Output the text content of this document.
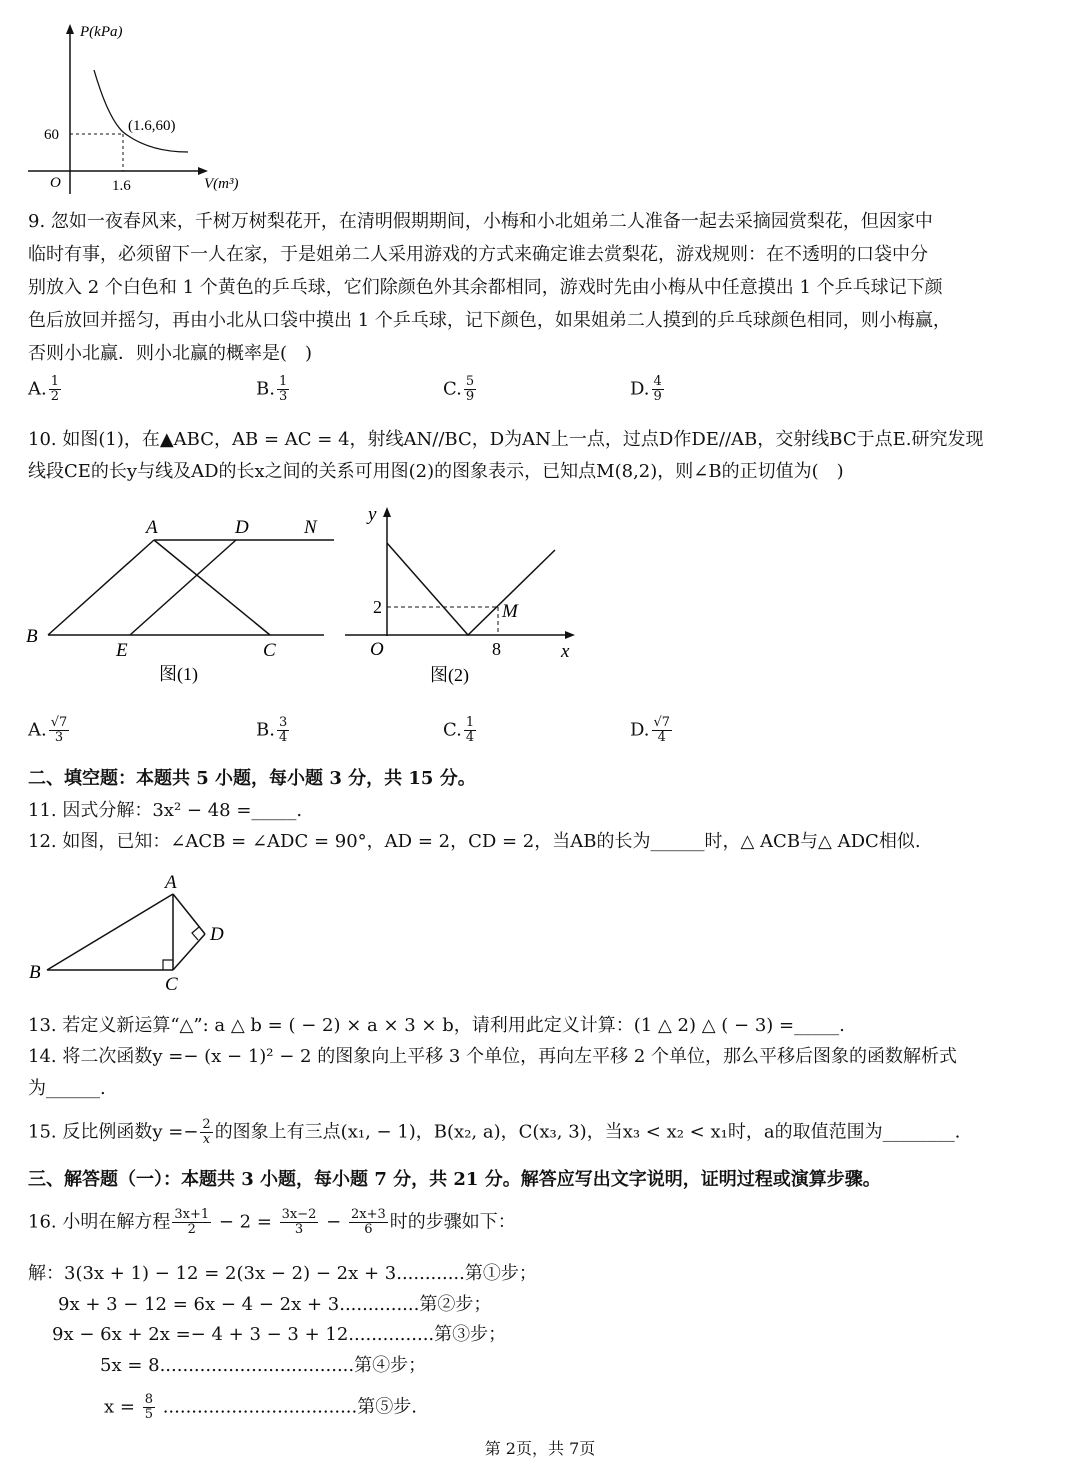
P(kPa)
60
(1.6,60)
O	1.6	V(m³)
9. 忽如一夜春风来，千树万树梨花开，在清明假期期间，小梅和小北姐弟二人准备一起去采摘园赏梨花，但因家中
临时有事，必须留下一人在家，于是姐弟二人采用游戏的方式来确定谁去赏梨花，游戏规则：在不透明的口袋中分
别放入 2 个白色和 1 个黄色的乒乓球，它们除颜色外其余都相同，游戏时先由小梅从中任意摸出 1 个乒乓球记下颜
色后放回并摇匀，再由小北从口袋中摸出 1 个乒乓球，记下颜色，如果姐弟二人摸到的乒乓球颜色相同，则小梅赢，
否则小北赢．则小北赢的概率是(　)
A. $\frac{1}{2}$	B. $\frac{1}{3}$	C. $\frac{5}{9}$	D. $\frac{4}{9}$
10. 如图(1)，在▲ABC，AB = AC = 4，射线AN//BC，D为AN上一点，过点D作DE//AB，交射线BC于点E.研究发现
线段CE的长y与线及AD的长x之间的关系可用图(2)的图象表示，已知点M(8,2)，则∠B的正切值为(　)
A	D	N
B
E	C
图(1)
y
2	M
O	8	x
图(2)
A. $\frac{√7}{3}$	B. $\frac{3}{4}$	C. $\frac{1}{4}$	D. $\frac{√7}{4}$
二、填空题：本题共 5 小题，每小题 3 分，共 15 分。
11. 因式分解：3x² − 48 =_____.
12. 如图，已知：∠ACB = ∠ADC = 90°，AD = 2，CD = 2，当AB的长为______时，△ ACB与△ ADC相似.
A
B
C
D
13. 若定义新运算“△”: a △ b = ( − 2) × a × 3 × b，请利用此定义计算：(1 △ 2) △ ( − 3) =_____.
14. 将二次函数y =− (x − 1)² − 2 的图象向上平移 3 个单位，再向左平移 2 个单位，那么平移后图象的函数解析式
为______.
15. 反比例函数$y =- \frac{2}{x}$ 的图象上有三点(x₁, − 1)，B(x₂, a)，C(x₃, 3)，当x₃ < x₂ < x₁时，a的取值范围为________.
三、解答题（一）：本题共 3 小题，每小题 7 分，共 21 分。解答应写出文字说明，证明过程或演算步骤。
16. 小明在解方程 $\frac{3x+1}{2} - 2 = \frac{3x-2}{3} - \frac{2x+3}{6}$ 时的步骤如下：
解：3(3x + 1) − 12 = 2(3x − 2) − 2x + 3............第①步；
9x + 3 − 12 = 6x − 4 − 2x + 3..............第②步；
9x − 6x + 2x =− 4 + 3 − 3 + 12...............第③步；
5x = 8..................................第④步；
$x = \frac{8}{5}$ ..................................第⑤步.
第 2页，共 7页
